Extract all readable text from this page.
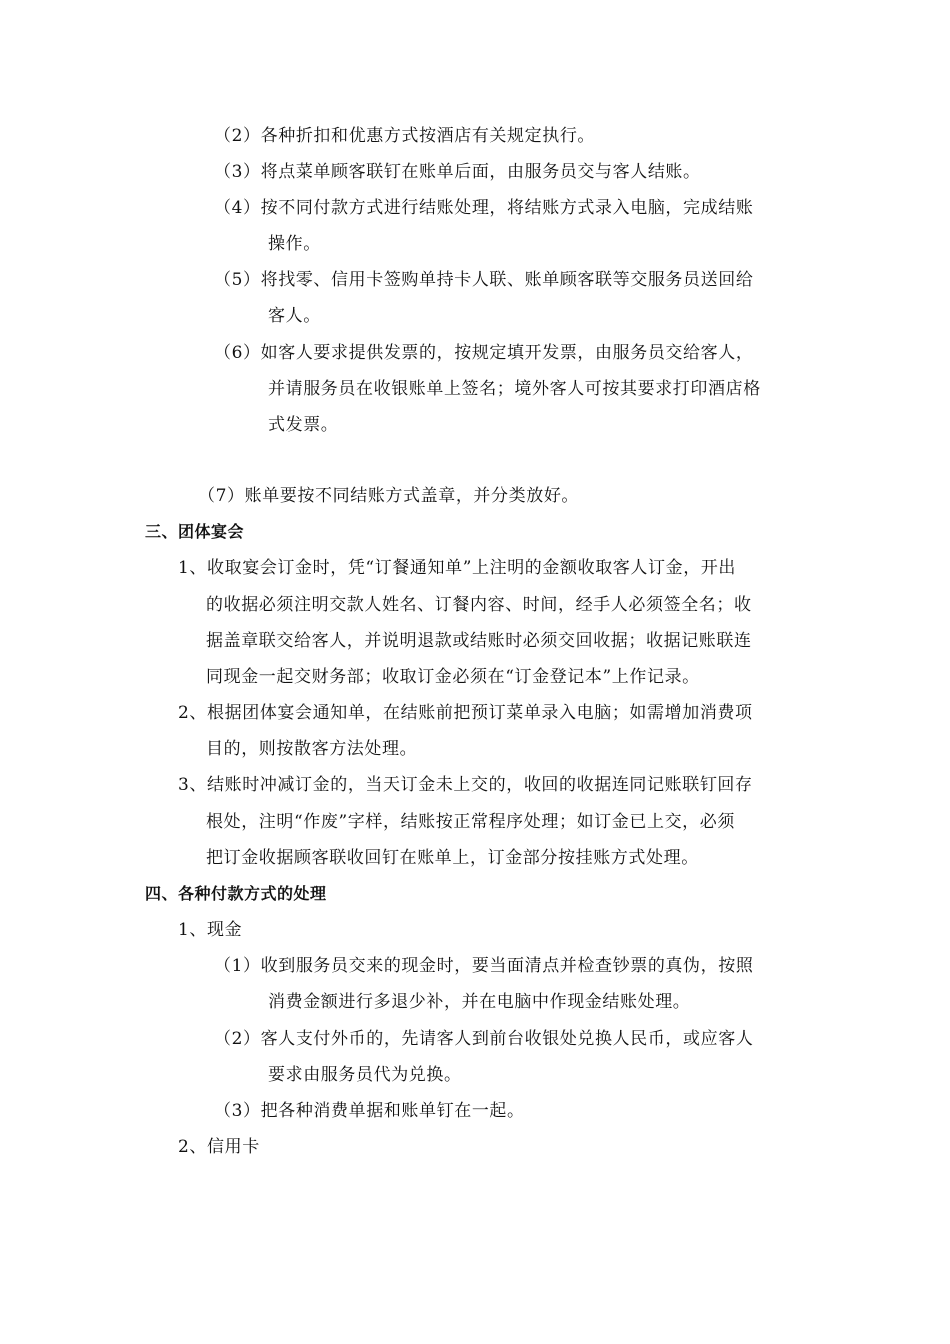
（2）各种折扣和优惠方式按酒店有关规定执行。
（3）将点菜单顾客联钉在账单后面，由服务员交与客人结账。
（4）按不同付款方式进行结账处理，将结账方式录入电脑，完成结账
操作。
（5）将找零、信用卡签购单持卡人联、账单顾客联等交服务员送回给
客人。
（6）如客人要求提供发票的，按规定填开发票，由服务员交给客人，
并请服务员在收银账单上签名；境外客人可按其要求打印酒店格
式发票。
（7）账单要按不同结账方式盖章，并分类放好。
三、团体宴会
1、收取宴会订金时，凭“订餐通知单”上注明的金额收取客人订金，开出
的收据必须注明交款人姓名、订餐内容、时间，经手人必须签全名；收
据盖章联交给客人，并说明退款或结账时必须交回收据；收据记账联连
同现金一起交财务部；收取订金必须在“订金登记本”上作记录。
2、根据团体宴会通知单，在结账前把预订菜单录入电脑；如需增加消费项
目的，则按散客方法处理。
3、结账时冲减订金的，当天订金未上交的，收回的收据连同记账联钉回存
根处，注明“作废”字样，结账按正常程序处理；如订金已上交，必须
把订金收据顾客联收回钉在账单上，订金部分按挂账方式处理。
四、各种付款方式的处理
1、现金
（1）收到服务员交来的现金时，要当面清点并检查钞票的真伪，按照
消费金额进行多退少补，并在电脑中作现金结账处理。
（2）客人支付外币的，先请客人到前台收银处兑换人民币，或应客人
要求由服务员代为兑换。
（3）把各种消费单据和账单钉在一起。
2、信用卡
